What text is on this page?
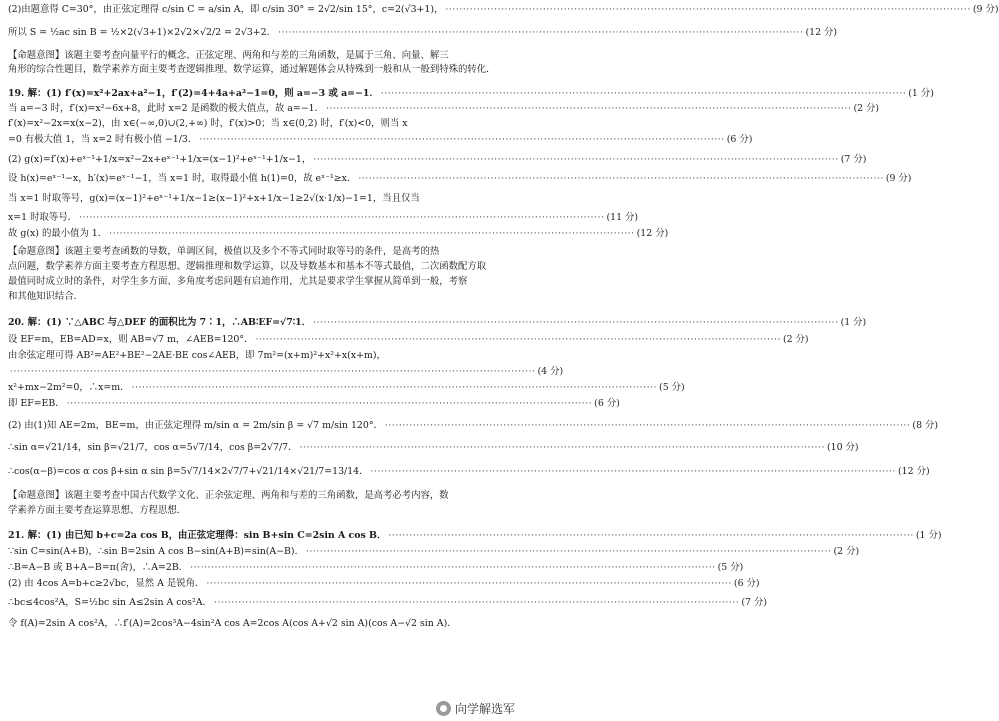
(2)由题意得 C=30°，由正弦定理得 c/sin C = a/sin A，即 c/sin 30° = 2√2/sin 15°，c=2(√3+1)， ·····	(9 分)
所以 S = ½ac sin B = ½×2(√3+1)×2√2×√2/2 = 2√3+2． ·····	(12 分)
【命题意图】该题主要考查向量平行的概念、正弦定理、两角和与差的三角函数，是属于三角、向量、解三
角形的综合性题目，数学素养方面主要考查逻辑推理、数学运算，通过解题体会从特殊到一般和从一般到特殊的转化．
19. 解：(1) f′(x)=x²+2ax+a²−1，f′(2)=4+4a+a²−1=0，则 a=−3 或 a=−1． ·····	(1 分)
当 a=−3 时，f′(x)=x²−6x+8，此时 x=2 是函数的极大值点，故 a=−1． ·····	(2 分)
f′(x)=x²−2x=x(x−2)，由 x∈(−∞,0)∪(2,+∞) 时，f′(x)>0；当 x∈(0,2) 时，f′(x)<0，则当 x
=0 有极大值 1，当 x=2 时有极小值 −1/3． ·····	(6 分)
(2) g(x)=f′(x)+eˣ⁻¹+1/x=x²−2x+eˣ⁻¹+1/x=(x−1)²+eˣ⁻¹+1/x−1， ·····	(7 分)
设 h(x)=eˣ⁻¹−x，h′(x)=eˣ⁻¹−1，当 x=1 时，取得最小值 h(1)=0，故 eˣ⁻¹≥x． ·····	(9 分)
当 x=1 时取等号，g(x)=(x−1)²+eˣ⁻¹+1/x−1≥(x−1)²+x+1/x−1≥2√(x·1/x)−1=1，当且仅当
x=1 时取等号． ·····	(11 分)
故 g(x) 的最小值为 1． ·····	(12 分)
【命题意图】该题主要考查函数的导数，单调区间，极值以及多个不等式同时取等号的条件，是高考的热
点问题，数学素养方面主要考查方程思想、逻辑推理和数学运算，以及导数基本和基本不等式最值，二次函数配方取
最值同时成立时的条件，对学生多方面、多角度考虑问题有启迪作用，尤其是要求学生掌握从简单到一般，考察
和其他知识结合．
20. 解：(1) ∵△ABC 与△DEF 的面积比为 7∶1，∴AB∶EF=√7∶1． ·····	(1 分)
设 EF=m，EB=AD=x，则 AB=√7 m，∠AEB=120°． ·····	(2 分)
由余弦定理可得 AB²=AE²+BE²−2AE·BE cos∠AEB，即 7m²=(x+m)²+x²+x(x+m)，
·····
(4 分)
x²+mx−2m²=0，∴x=m． ·····	(5 分)
即 EF=EB． ·····	(6 分)
(2) 由(1)知 AE=2m，BE=m，由正弦定理得 m/sin α = 2m/sin β = √7 m/sin 120°． ·····	(8 分)
∴sin α=√21/14，sin β=√21/7，cos α=5√7/14，cos β=2√7/7． ·····	(10 分)
∴cos(α−β)=cos α cos β+sin α sin β=5√7/14×2√7/7+√21/14×√21/7=13/14． ·····	(12 分)
【命题意图】该题主要考查中国古代数学文化、正余弦定理、两角和与差的三角函数，是高考必考内容，数
学素养方面主要考查运算思想、方程思想．
21. 解：(1) 由已知 b+c=2a cos B，由正弦定理得：sin B+sin C=2sin A cos B． ·····	(1 分)
∵sin C=sin(A+B)，∴sin B=2sin A cos B−sin(A+B)=sin(A−B)． ·····	(2 分)
∴B=A−B 或 B+A−B=π(舍)，∴A=2B． ·····	(5 分)
(2) 由 4cos A=b+c≥2√bc，显然 A 是锐角． ·····	(6 分)
∴bc≤4cos²A，S=½bc sin A≤2sin A cos²A． ·····	(7 分)
令 f(A)=2sin A cos²A，∴f′(A)=2cos³A−4sin²A cos A=2cos A(cos A+√2 sin A)(cos A−√2 sin A)．
向学解选军
